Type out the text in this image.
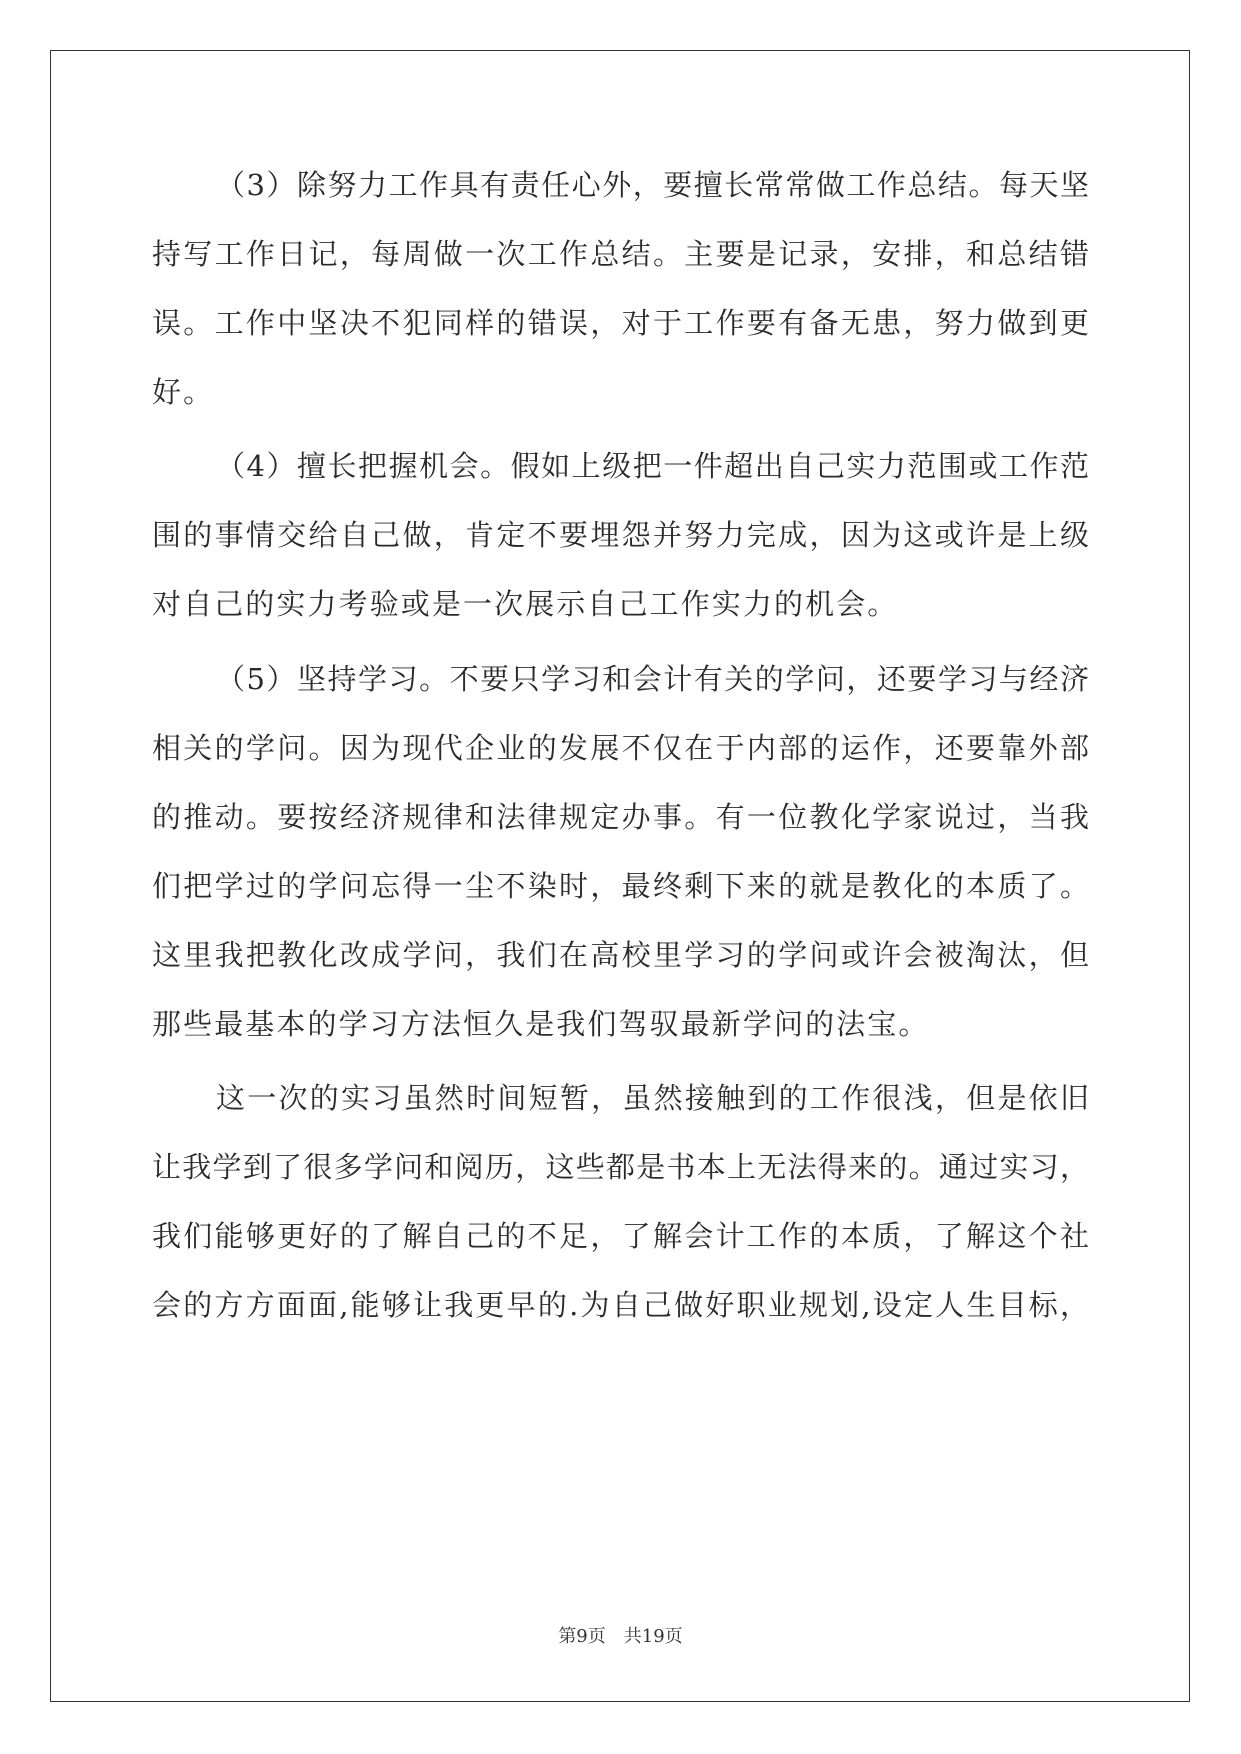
（3）除努力工作具有责任心外，要擅长常常做工作总结。每天坚
持写工作日记，每周做一次工作总结。主要是记录，安排，和总结错
误。工作中坚决不犯同样的错误，对于工作要有备无患，努力做到更
好。
（4）擅长把握机会。假如上级把一件超出自己实力范围或工作范
围的事情交给自己做，肯定不要埋怨并努力完成，因为这或许是上级
对自己的实力考验或是一次展示自己工作实力的机会。
（5）坚持学习。不要只学习和会计有关的学问，还要学习与经济
相关的学问。因为现代企业的发展不仅在于内部的运作，还要靠外部
的推动。要按经济规律和法律规定办事。有一位教化学家说过，当我
们把学过的学问忘得一尘不染时，最终剩下来的就是教化的本质了。
这里我把教化改成学问，我们在高校里学习的学问或许会被淘汰，但
那些最基本的学习方法恒久是我们驾驭最新学问的法宝。
这一次的实习虽然时间短暂，虽然接触到的工作很浅，但是依旧
让我学到了很多学问和阅历，这些都是书本上无法得来的。通过实习，
我们能够更好的了解自己的不足，了解会计工作的本质，了解这个社
会的方方面面,能够让我更早的.为自己做好职业规划,设定人生目标，
第9页　共19页
